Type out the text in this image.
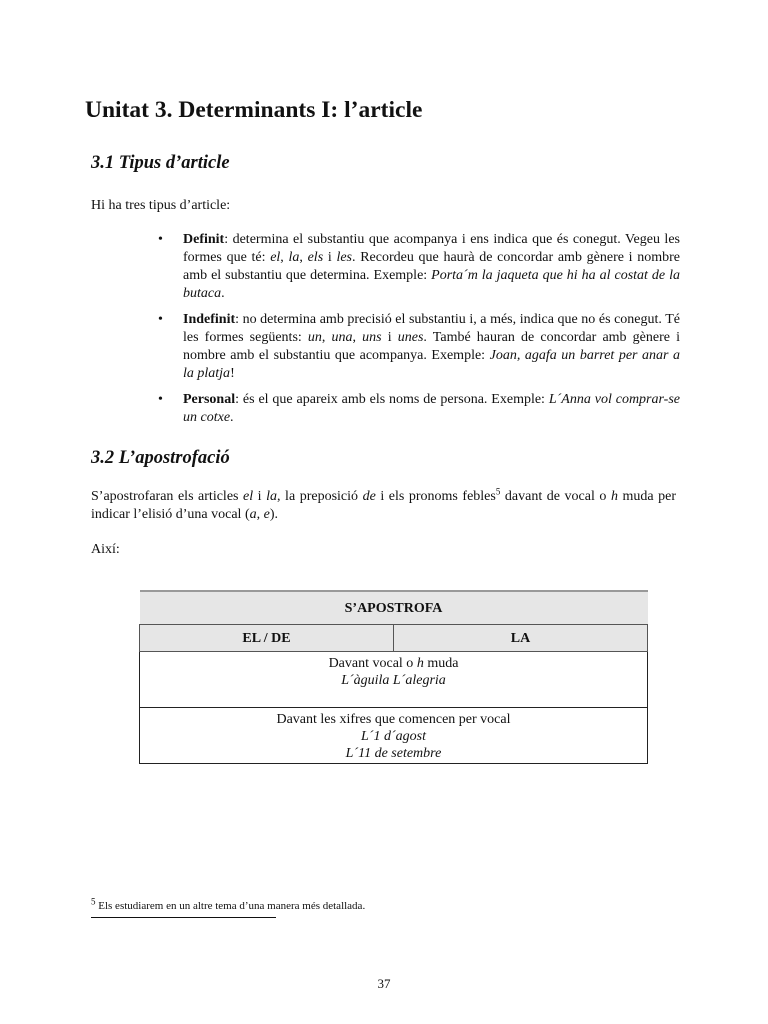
Unitat 3. Determinants I: l’article
3.1 Tipus d’article

Hi ha tres tipus d’article:

• Definit: determina el substantiu que acompanya i ens indica que és conegut. Vegeu les formes que té: el, la, els i les. Recordeu que haurà de concordar amb gènere i nombre amb el substantiu que determina. Exemple: Porta´m la jaqueta que hi ha al costat de la butaca.
• Indefinit: no determina amb precisió el substantiu i, a més, indica que no és conegut. Té les formes següents: un, una, uns i unes. També hauran de concordar amb gènere i nombre amb el substantiu que acompanya. Exemple: Joan, agafa un barret per anar a la platja!
• Personal: és el que apareix amb els noms de persona. Exemple: L´Anna vol comprar-se un cotxe.
3.2 L’apostrofació

S’apostrofaran els articles el i la, la preposició de i els pronoms febles$^5$ davant de vocal o h muda per indicar l’elisió d’una vocal (a, e).

Així:

S’APOSTROFA
EL / DE	LA

Davant vocal o h muda
L´àguila L´alegria

Davant les xifres que comencen per vocal
L´1 d´agost
L´11 de setembre

$^5$ Els estudiarem en un altre tema d’una manera més detallada.

37
